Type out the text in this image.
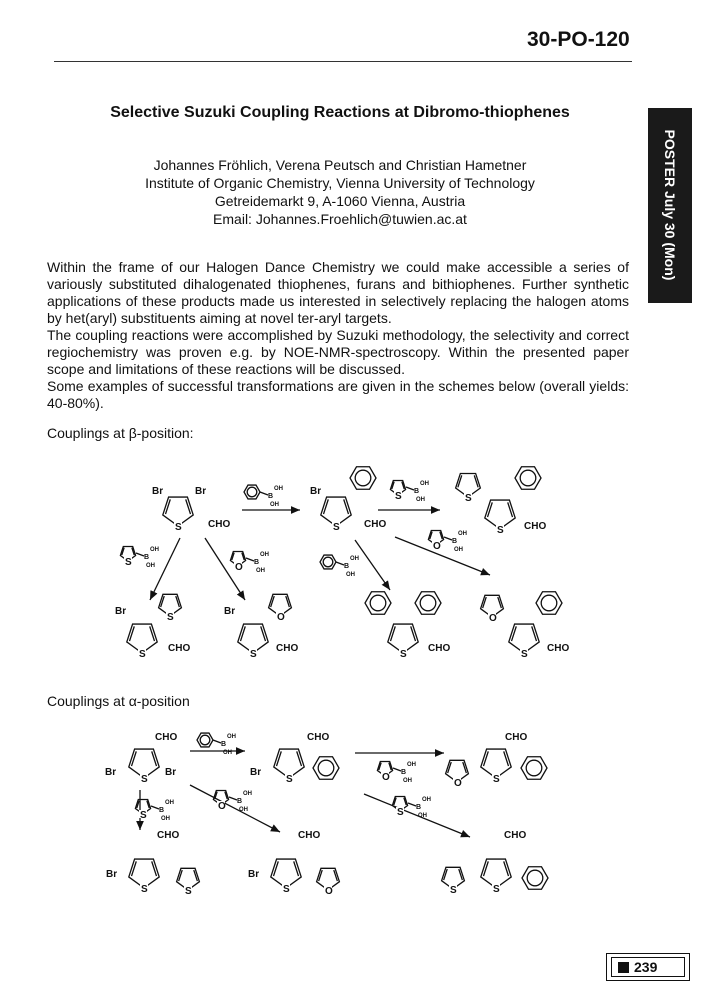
30-PO-120
POSTER July 30 (Mon)
Selective Suzuki Coupling Reactions at Dibromo-thiophenes
Johannes Fröhlich, Verena Peutsch and Christian Hametner
Institute of Organic Chemistry, Vienna University of Technology
Getreidemarkt 9, A-1060 Vienna, Austria
Email: Johannes.Froehlich@tuwien.ac.at

Within the frame of our Halogen Dance Chemistry we could make accessible a series of variously substituted dihalogenated thiophenes, furans and bithiophenes. Further synthetic applications of these products made us interested in selectively replacing the halogen atoms by het(aryl) substituents aiming at novel ter-aryl targets.

The coupling reactions were accomplished by Suzuki methodology, the selectivity and correct regiochemistry was proven e.g. by NOE-NMR-spectroscopy. Within the presented paper scope and limitations of these reactions will be discussed.

Some examples of successful transformations are given in the schemes below (overall yields: 40-80%).

Couplings at β-position:
Couplings at α-position
S
Br	Br
CHO
B
OH
OH
S
Br
CHO
S B
OH
OH
S
S
CHO
S B
OH
OH	O B
OH
OH
B
OH
OH
O B
OH
OH
S
S
Br
CHO
S
O
Br
CHO
S
CHO
S
O
CHO
S
Br	Br
CHO
B
OH
OH
S
Br
CHO
O B
OH
OH	S
O
CHO
S B
OH
OH
O B
OH
OH	S B
OH
OH
S	S
Br
CHO
S	O
Br
CHO
S
S
CHO
239
